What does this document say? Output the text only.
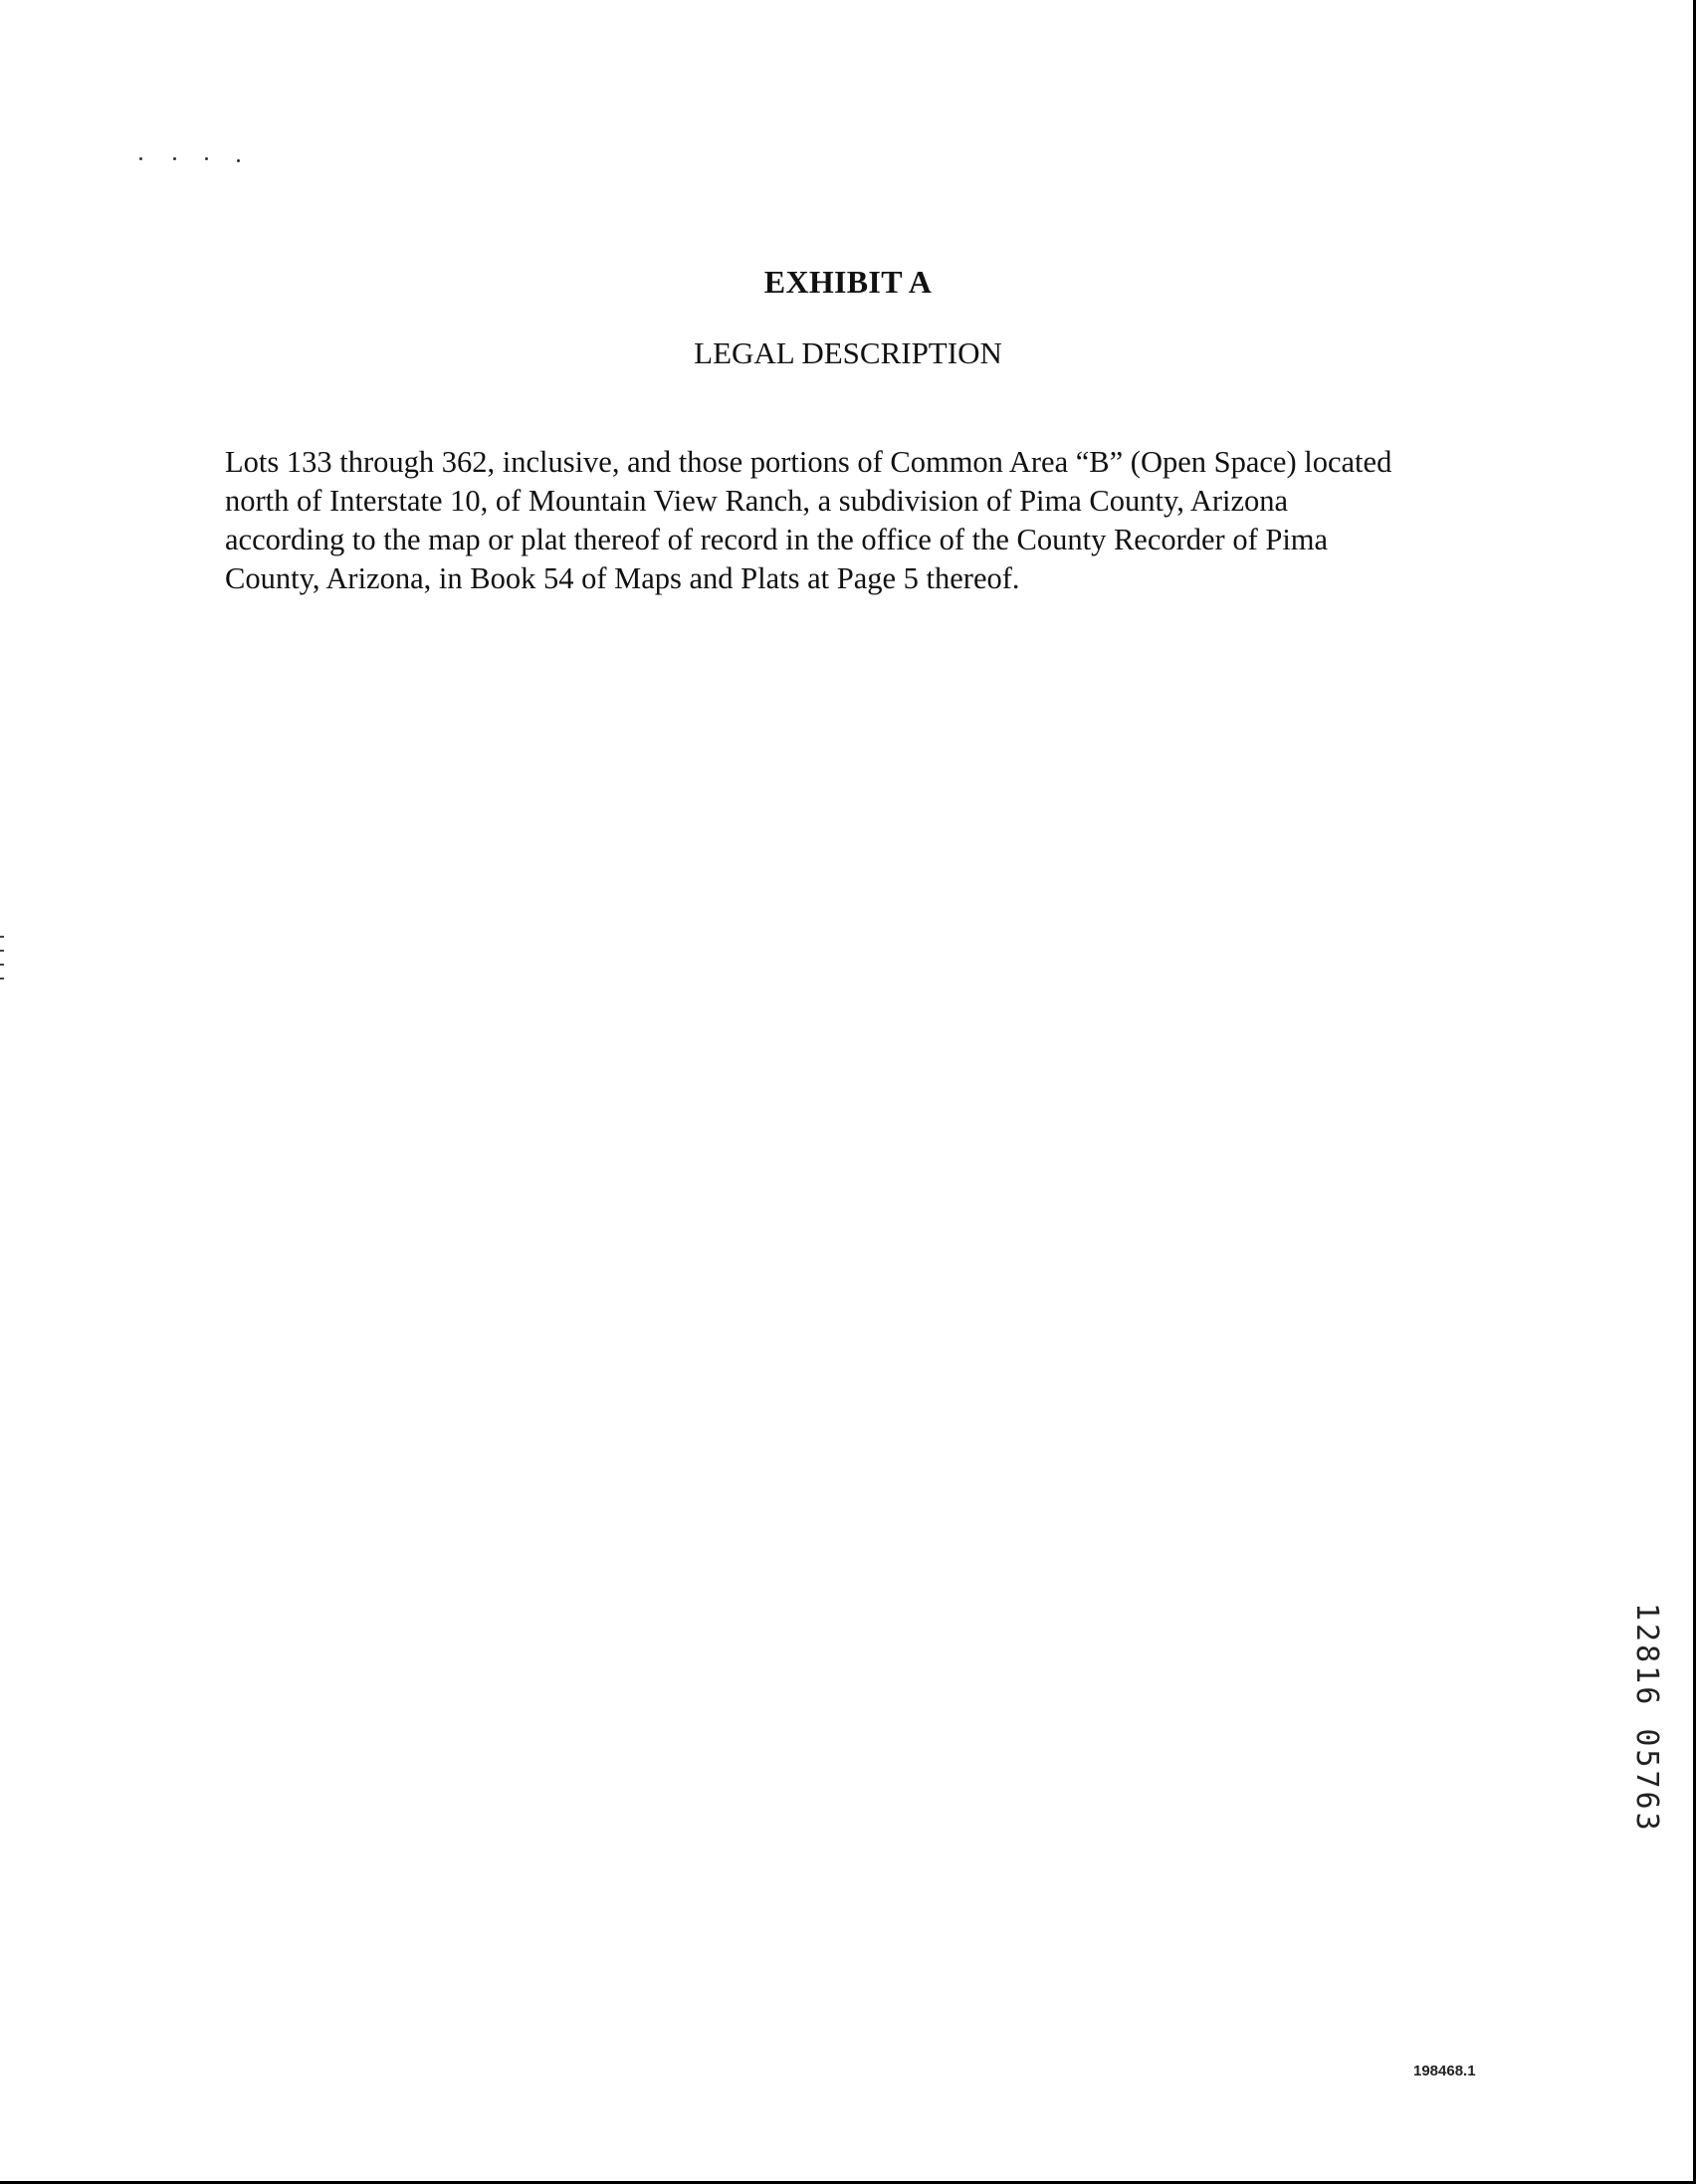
EXHIBIT A
LEGAL DESCRIPTION
Lots 133 through 362, inclusive, and those portions of Common Area “B” (Open Space) located
north of Interstate 10, of Mountain View Ranch, a subdivision of Pima County, Arizona
according to the map or plat thereof of record in the office of the County Recorder of Pima
County, Arizona, in Book 54 of Maps and Plats at Page 5 thereof.
12816 05763
198468.1
